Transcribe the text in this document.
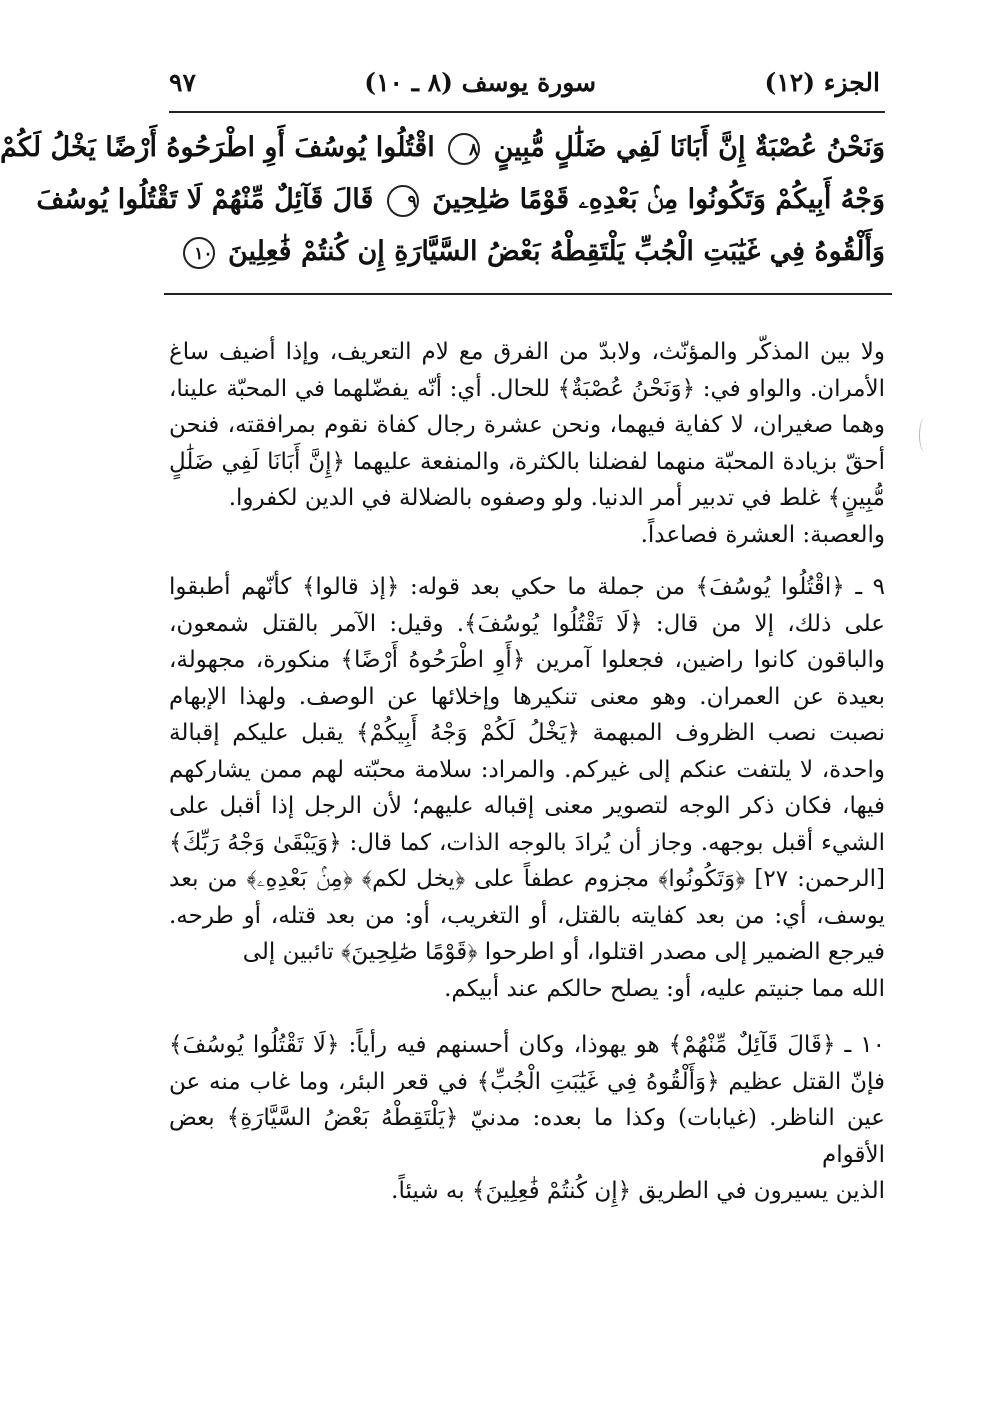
الجزء (١٢)
سورة يوسف (٨ ـ ١٠)
٩٧
وَنَحْنُ عُصْبَةٌ إِنَّ أَبَانَا لَفِي ضَلَٰلٍ مُّبِينٍ ٨ اقْتُلُوا يُوسُفَ أَوِ اطْرَحُوهُ أَرْضًا يَخْلُ لَكُمْ
وَجْهُ أَبِيكُمْ وَتَكُونُوا مِنۢ بَعْدِهِۦ قَوْمًا صَٰلِحِينَ ٩ قَالَ قَآئِلٌ مِّنْهُمْ لَا تَقْتُلُوا يُوسُفَ
وَأَلْقُوهُ فِي غَيَٰبَتِ الْجُبِّ يَلْتَقِطْهُ بَعْضُ السَّيَّارَةِ إِن كُنتُمْ فَٰعِلِينَ ١٠

ولا بين المذكّر والمؤنّث، ولابدّ من الفرق مع لام التعريف، وإذا أضيف ساغ الأمران. والواو في: ﴿وَنَحْنُ عُصْبَةٌ﴾ للحال. أي: أنّه يفضّلهما في المحبّة علينا، وهما صغيران، لا كفاية فيهما، ونحن عشرة رجال كفاة نقوم بمرافقته، فنحن أحقّ بزيادة المحبّة منهما لفضلنا بالكثرة، والمنفعة عليهما ﴿إِنَّ أَبَانَا لَفِي ضَلَٰلٍ مُّبِينٍ﴾ غلط في تدبير أمر الدنيا. ولو وصفوه بالضلالة في الدين لكفروا.
والعصبة: العشرة فصاعداً.

٩ ـ ﴿اقْتُلُوا يُوسُفَ﴾ من جملة ما حكي بعد قوله: ﴿إذ قالوا﴾ كأنّهم أطبقوا على ذلك، إلا من قال: ﴿لَا تَقْتُلُوا يُوسُفَ﴾. وقيل: الآمر بالقتل شمعون، والباقون كانوا راضين، فجعلوا آمرين ﴿أَوِ اطْرَحُوهُ أَرْضًا﴾ منكورة، مجهولة، بعيدة عن العمران. وهو معنى تنكيرها وإخلائها عن الوصف. ولهذا الإبهام نصبت نصب الظروف المبهمة ﴿يَخْلُ لَكُمْ وَجْهُ أَبِيكُمْ﴾ يقبل عليكم إقبالة واحدة، لا يلتفت عنكم إلى غيركم. والمراد: سلامة محبّته لهم ممن يشاركهم فيها، فكان ذكر الوجه لتصوير معنى إقباله عليهم؛ لأن الرجل إذا أقبل على الشيء أقبل بوجهه. وجاز أن يُرادَ بالوجه الذات، كما قال: ﴿وَيَبْقَىٰ وَجْهُ رَبِّكَ﴾ [الرحمن: ٢٧] ﴿وَتَكُونُوا﴾ مجزوم عطفاً على ﴿يخل لكم﴾ ﴿مِنۢ بَعْدِهِۦ﴾ من بعد يوسف، أي: من بعد كفايته بالقتل، أو التغريب، أو: من بعد قتله، أو طرحه. فيرجع الضمير إلى مصدر اقتلوا، أو اطرحوا ﴿قَوْمًا صَٰلِحِينَ﴾ تائبين إلى
الله مما جنيتم عليه، أو: يصلح حالكم عند أبيكم.

١٠ ـ ﴿قَالَ قَآئِلٌ مِّنْهُمْ﴾ هو يهوذا، وكان أحسنهم فيه رأياً: ﴿لَا تَقْتُلُوا يُوسُفَ﴾ فإنّ القتل عظيم ﴿وَأَلْقُوهُ فِي غَيَٰبَتِ الْجُبِّ﴾ في قعر البئر، وما غاب منه عن عين الناظر. (غيابات) وكذا ما بعده: مدنيّ ﴿يَلْتَقِطْهُ بَعْضُ السَّيَّارَةِ﴾ بعض الأقوام
الذين يسيرون في الطريق ﴿إِن كُنتُمْ فَٰعِلِينَ﴾ به شيئاً.
